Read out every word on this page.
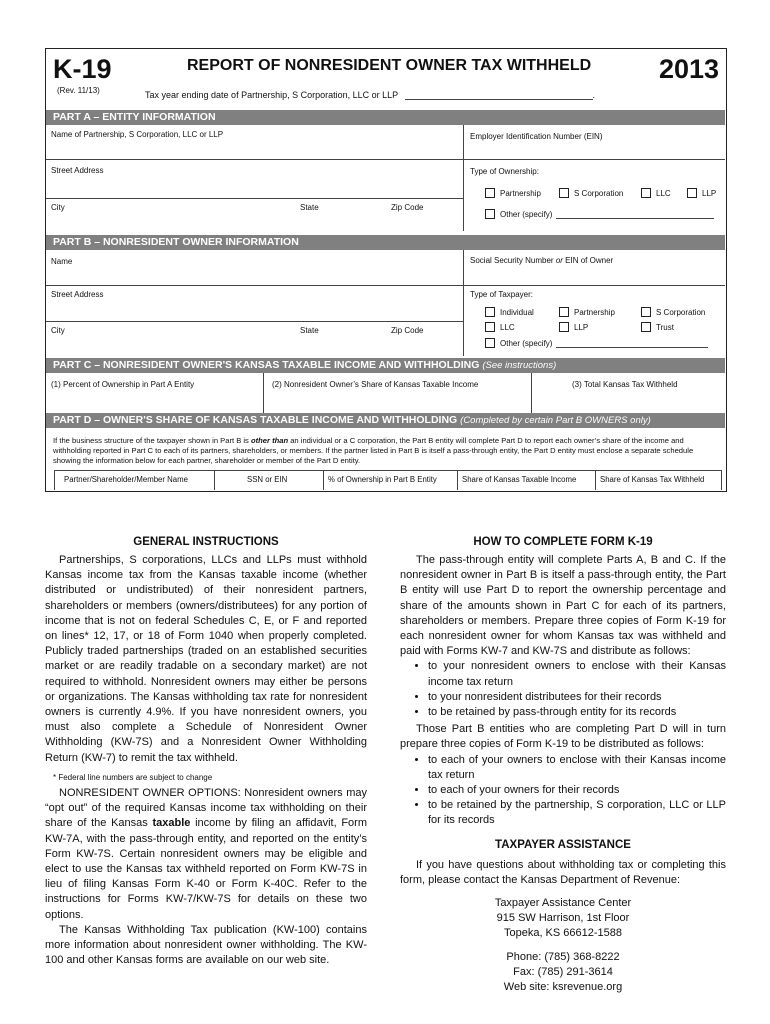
K-19
(Rev. 11/13)
REPORT OF NONRESIDENT OWNER TAX WITHHELD	2013
Tax year ending date of Partnership, S Corporation, LLC or LLP	.
PART A – ENTITY INFORMATION
Name of Partnership, S Corporation, LLC or LLP	Employer Identification Number (EIN)
Street Address	Type of Ownership:
City	State	Zip Code
Partnership	S Corporation	LLC	LLP
Other (specify)
PART B – NONRESIDENT OWNER INFORMATION
Name	Social Security Number or EIN of Owner
Street Address	Type of Taxpayer:
City	State	Zip Code
Individual	Partnership	S Corporation
LLC	LLP	Trust
Other (specify)
PART C – NONRESIDENT OWNER'S KANSAS TAXABLE INCOME AND WITHHOLDING (See instructions)
(1) Percent of Ownership in Part A Entity	(2) Nonresident Owner’s Share of Kansas Taxable Income	(3) Total Kansas Tax Withheld
PART D – OWNER'S SHARE OF KANSAS TAXABLE INCOME AND WITHHOLDING (Completed by certain Part B OWNERS only)
If the business structure of the taxpayer shown in Part B is other than an individual or a C corporation, the Part B entity will complete Part D to report each owner’s share of the income and withholding reported in Part C to each of its partners, shareholders, or members. If the partner listed in Part B is itself a pass-through entity, the Part D entity must enclose a separate schedule showing the information below for each partner, shareholder or member of the Part D entity.
Partner/Shareholder/Member Name	SSN or EIN	% of Ownership in Part B Entity	Share of Kansas Taxable Income	Share of Kansas Tax Withheld
GENERAL INSTRUCTIONS

Partnerships, S corporations, LLCs and LLPs must withhold Kansas income tax from the Kansas taxable income (whether distributed or undistributed) of their nonresident partners, shareholders or members (owners/distributees) for any portion of income that is not on federal Schedules C, E, or F and reported on lines* 12, 17, or 18 of Form 1040 when properly completed. Publicly traded partnerships (traded on an established securities market or are readily tradable on a secondary market) are not required to withhold. Nonresident owners may either be persons or organizations. The Kansas withholding tax rate for nonresident owners is currently 4.9%. If you have nonresident owners, you must also complete a Schedule of Nonresident Owner Withholding (KW-7S) and a Nonresident Owner Withholding Return (KW-7) to remit the tax withheld.

* Federal line numbers are subject to change

NONRESIDENT OWNER OPTIONS: Nonresident owners may “opt out” of the required Kansas income tax withholding on their share of the Kansas taxable income by filing an affidavit, Form KW-7A, with the pass-through entity, and reported on the entity’s Form KW-7S. Certain nonresident owners may be eligible and elect to use the Kansas tax withheld reported on Form KW-7S in lieu of filing Kansas Form K-40 or Form K-40C. Refer to the instructions for Forms KW-7/KW-7S for details on these two options.

The Kansas Withholding Tax publication (KW-100) contains more information about nonresident owner withholding. The KW-100 and other Kansas forms are available on our web site.

HOW TO COMPLETE FORM K-19

The pass-through entity will complete Parts A, B and C. If the nonresident owner in Part B is itself a pass-through entity, the Part B entity will use Part D to report the ownership percentage and share of the amounts shown in Part C for each of its partners, shareholders or members. Prepare three copies of Form K-19 for each nonresident owner for whom Kansas tax was withheld and paid with Forms KW-7 and KW-7S and distribute as follows:

• to your nonresident owners to enclose with their Kansas income tax return
• to your nonresident distributees for their records
• to be retained by pass-through entity for its records

Those Part B entities who are completing Part D will in turn prepare three copies of Form K-19 to be distributed as follows:

• to each of your owners to enclose with their Kansas income tax return
• to each of your owners for their records
• to be retained by the partnership, S corporation, LLC or LLP for its records
TAXPAYER ASSISTANCE

If you have questions about withholding tax or completing this form, please contact the Kansas Department of Revenue:

Taxpayer Assistance Center
915 SW Harrison, 1st Floor
Topeka, KS 66612-1588
Phone: (785) 368-8222
Fax: (785) 291-3614
Web site: ksrevenue.org
